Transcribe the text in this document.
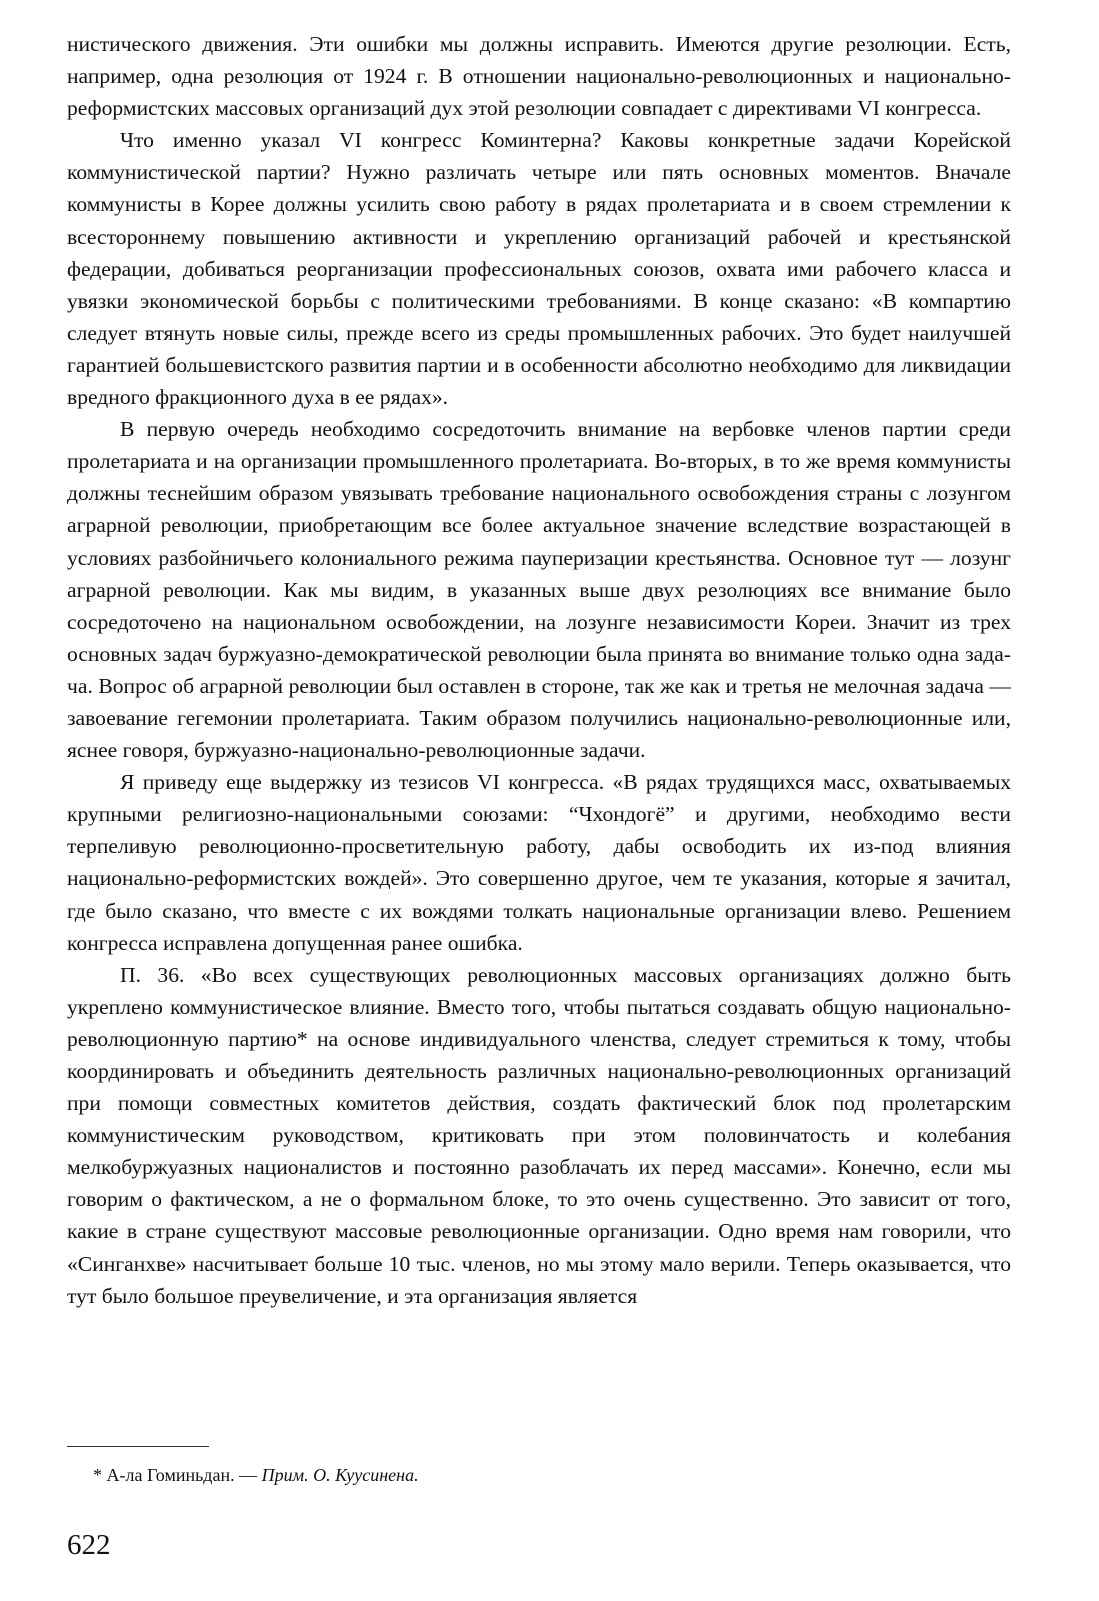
нистического движения. Эти ошибки мы должны исправить. Имеются другие резолюции. Есть, например, одна резолюция от 1924 г. В отношении национально-революционных и национально-реформистских массовых организаций дух этой резолюции совпадает с директивами VI конгресса.

Что именно указал VI конгресс Коминтерна? Каковы конкретные задачи Корейской коммунистической партии? Нужно различать четыре или пять основных моментов. Вначале коммунисты в Корее должны усилить свою работу в рядах пролетариата и в своем стремлении к всестороннему повышению активности и укреплению организаций рабочей и крестьянской федерации, добиваться реорганизации профессиональных союзов, охвата ими рабочего класса и увязки экономической борьбы с политическими требованиями. В конце сказано: «В компартию следует втянуть новые силы, прежде всего из среды промышленных рабочих. Это будет наилучшей гарантией большевистского развития партии и в особенности абсолютно необходимо для ликвидации вредного фракционного духа в ее рядах».

В первую очередь необходимо сосредоточить внимание на вербовке членов партии среди пролетариата и на организации промышленного пролетариата. Во-вторых, в то же время коммунисты должны теснейшим образом увязывать требование национального освобождения страны с лозунгом аграрной революции, приобретающим все более актуальное значение вследствие возрастающей в условиях разбойничьего колониального режима пауперизации крестьянства. Основное тут — лозунг аграрной революции. Как мы видим, в указанных выше двух резолюциях все внимание было сосредоточено на национальном освобождении, на лозунге независимости Кореи. Значит из трех основных задач буржуазно-демократической революции была принята во внимание только одна задача. Вопрос об аграрной революции был оставлен в стороне, так же как и третья не мелочная задача — завоевание гегемонии пролетариата. Таким образом получились национально-революционные или, яснее говоря, буржуазно-национально-революционные задачи.

Я приведу еще выдержку из тезисов VI конгресса. «В рядах трудящихся масс, охватываемых крупными религиозно-национальными союзами: “Чхондогё” и другими, необходимо вести терпеливую революционно-просветительную работу, дабы освободить их из-под влияния национально-реформистских вождей». Это совершенно другое, чем те указания, которые я зачитал, где было сказано, что вместе с их вождями толкать национальные организации влево. Решением конгресса исправлена допущенная ранее ошибка.

П. 36. «Во всех существующих революционных массовых организациях должно быть укреплено коммунистическое влияние. Вместо того, чтобы пытаться создавать общую национально-революционную партию* на основе индивидуального членства, следует стремиться к тому, чтобы координировать и объединить деятельность различных национально-революционных организаций при помощи совместных комитетов действия, создать фактический блок под пролетарским коммунистическим руководством, критиковать при этом половинчатость и колебания мелкобуржуазных националистов и постоянно разоблачать их перед массами». Конечно, если мы говорим о фактическом, а не о формальном блоке, то это очень существенно. Это зависит от того, какие в стране существуют массовые революционные организации. Одно время нам говорили, что «Синганхве» насчитывает больше 10 тыс. членов, но мы этому мало верили. Теперь оказывается, что тут было большое преувеличение, и эта организация является

* А-ла Гоминьдан. — Прим. О. Куусинена.
622
